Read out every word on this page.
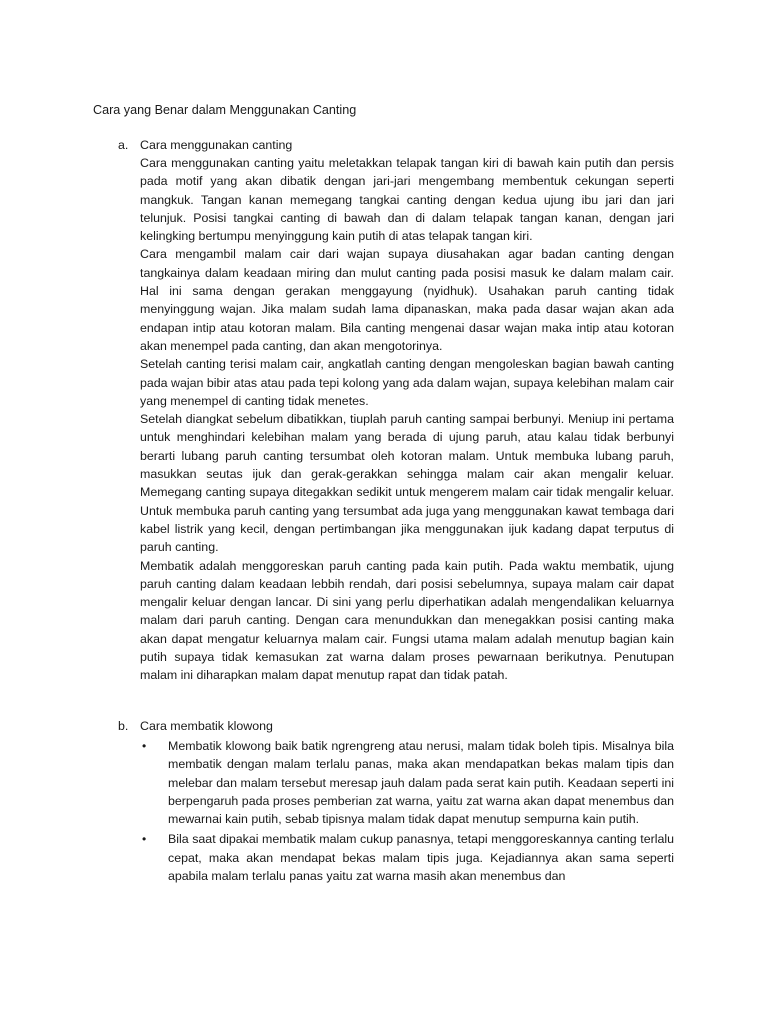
Cara yang Benar dalam Menggunakan Canting
a. Cara menggunakan canting

Cara menggunakan canting yaitu meletakkan telapak tangan kiri di bawah kain putih dan persis pada motif yang akan dibatik dengan jari-jari mengembang membentuk cekungan seperti mangkuk. Tangan kanan memegang tangkai canting dengan kedua ujung ibu jari dan jari telunjuk. Posisi tangkai canting di bawah dan di dalam telapak tangan kanan, dengan jari kelingking bertumpu menyinggung kain putih di atas telapak tangan kiri.

Cara mengambil malam cair dari wajan supaya diusahakan agar badan canting dengan tangkainya dalam keadaan miring dan mulut canting pada posisi masuk ke dalam malam cair. Hal ini sama dengan gerakan menggayung (nyidhuk). Usahakan paruh canting tidak menyinggung wajan. Jika malam sudah lama dipanaskan, maka pada dasar wajan akan ada endapan intip atau kotoran malam. Bila canting mengenai dasar wajan maka intip atau kotoran akan menempel pada canting, dan akan mengotorinya.

Setelah canting terisi malam cair, angkatlah canting dengan mengoleskan bagian bawah canting pada wajan bibir atas atau pada tepi kolong yang ada dalam wajan, supaya kelebihan malam cair yang menempel di canting tidak menetes.

Setelah diangkat sebelum dibatikkan, tiuplah paruh canting sampai berbunyi. Meniup ini pertama untuk menghindari kelebihan malam yang berada di ujung paruh, atau kalau tidak berbunyi berarti lubang paruh canting tersumbat oleh kotoran malam. Untuk membuka lubang paruh, masukkan seutas ijuk dan gerak-gerakkan sehingga malam cair akan mengalir keluar. Memegang canting supaya ditegakkan sedikit untuk mengerem malam cair tidak mengalir keluar. Untuk membuka paruh canting yang tersumbat ada juga yang menggunakan kawat tembaga dari kabel listrik yang kecil, dengan pertimbangan jika menggunakan ijuk kadang dapat terputus di paruh canting.

Membatik adalah menggoreskan paruh canting pada kain putih. Pada waktu membatik, ujung paruh canting dalam keadaan lebbih rendah, dari posisi sebelumnya, supaya malam cair dapat mengalir keluar dengan lancar. Di sini yang perlu diperhatikan adalah mengendalikan keluarnya malam dari paruh canting. Dengan cara menundukkan dan menegakkan posisi canting maka akan dapat mengatur keluarnya malam cair. Fungsi utama malam adalah menutup bagian kain putih supaya tidak kemasukan zat warna dalam proses pewarnaan berikutnya. Penutupan malam ini diharapkan malam dapat menutup rapat dan tidak patah.

b. Cara membatik klowong
• Membatik klowong baik batik ngrengreng atau nerusi, malam tidak boleh tipis. Misalnya bila membatik dengan malam terlalu panas, maka akan mendapatkan bekas malam tipis dan melebar dan malam tersebut meresap jauh dalam pada serat kain putih. Keadaan seperti ini berpengaruh pada proses pemberian zat warna, yaitu zat warna akan dapat menembus dan mewarnai kain putih, sebab tipisnya malam tidak dapat menutup sempurna kain putih.
• Bila saat dipakai membatik malam cukup panasnya, tetapi menggoreskannya canting terlalu cepat, maka akan mendapat bekas malam tipis juga. Kejadiannya akan sama seperti apabila malam terlalu panas yaitu zat warna masih akan menembus dan
